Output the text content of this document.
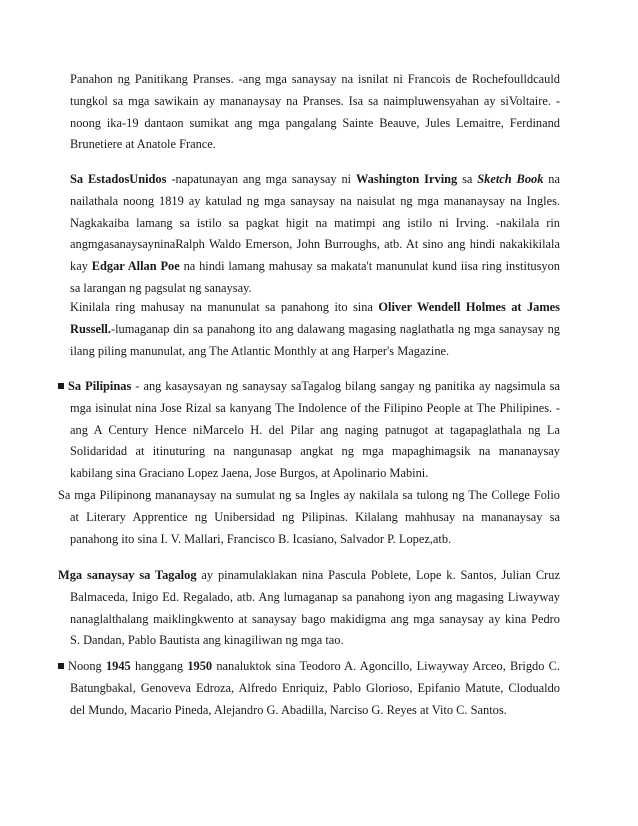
Panahon ng Panitikang Pranses. -ang mga sanaysay na isnilat ni Francois de Rochefoulldcauld
tungkol sa mga sawikain ay mananaysay na Pranses. Isa sa naimpluwensyahan ay siVoltaire. -
noong ika-19 dantaon sumikat ang mga pangalang Sainte Beauve, Jules Lemaitre, Ferdinand
Brunetiere at Anatole France.
Sa EstadosUnidos -napatunayan ang mga sanaysay ni Washington Irving sa Sketch Book na
nailathala noong 1819 ay katulad ng mga sanaysay na naisulat ng mga mananaysay na Ingles.
Nagkakaiba lamang sa istilo sa pagkat higit na matimpi ang istilo ni Irving. -nakilala rin
angmgasanaysayninaRalph Waldo Emerson, John Burroughs, atb. At sino ang hindi nakakikilala
kay Edgar Allan Poe na hindi lamang mahusay sa makata't manunulat kund iisa ring institusyon
sa larangan ng pagsulat ng sanaysay.
Kinilala ring mahusay na manunulat sa panahong ito sina Oliver Wendell Holmes at James
Russell.-lumaganap din sa panahong ito ang dalawang magasing naglathatla ng mga sanaysay ng
ilang piling manunulat, ang The Atlantic Monthly at ang Harper's Magazine.
Sa Pilipinas - ang kasaysayan ng sanaysay saTagalog bilang sangay ng panitika ay nagsimula sa
mga isinulat nina Jose Rizal sa kanyang The Indolence of the Filipino People at The Philipines. -
ang A Century Hence niMarcelo H. del Pilar ang naging patnugot at tagapaglathala ng La
Solidaridad at itinuturing na nangunasap angkat ng mga mapaghimagsik na mananaysay
kabilang sina Graciano Lopez Jaena, Jose Burgos, at Apolinario Mabini.
Sa mga Pilipinong mananaysay na sumulat ng sa Ingles ay nakilala sa tulong ng The College Folio
at Literary Apprentice ng Unibersidad ng Pilipinas. Kilalang mahhusay na mananaysay sa
panahong ito sina I. V. Mallari, Francisco B. Icasiano, Salvador P. Lopez,atb.
Mga sanaysay sa Tagalog ay pinamulaklakan nina Pascula Poblete, Lope k. Santos, Julian Cruz
Balmaceda, Inigo Ed. Regalado, atb. Ang lumaganap sa panahong iyon ang magasing Liwayway
nanaglalthalang maiklingkwento at sanaysay bago makidigma ang mga sanaysay ay kina Pedro
S. Dandan, Pablo Bautista ang kinagiliwan ng mga tao.
Noong 1945 hanggang 1950 nanaluktok sina Teodoro A. Agoncillo, Liwayway Arceo, Brigdo C.
Batungbakal, Genoveva Edroza, Alfredo Enriquiz, Pablo Glorioso, Epifanio Matute, Clodualdo
del Mundo, Macario Pineda, Alejandro G. Abadilla, Narciso G. Reyes at Vito C. Santos.
